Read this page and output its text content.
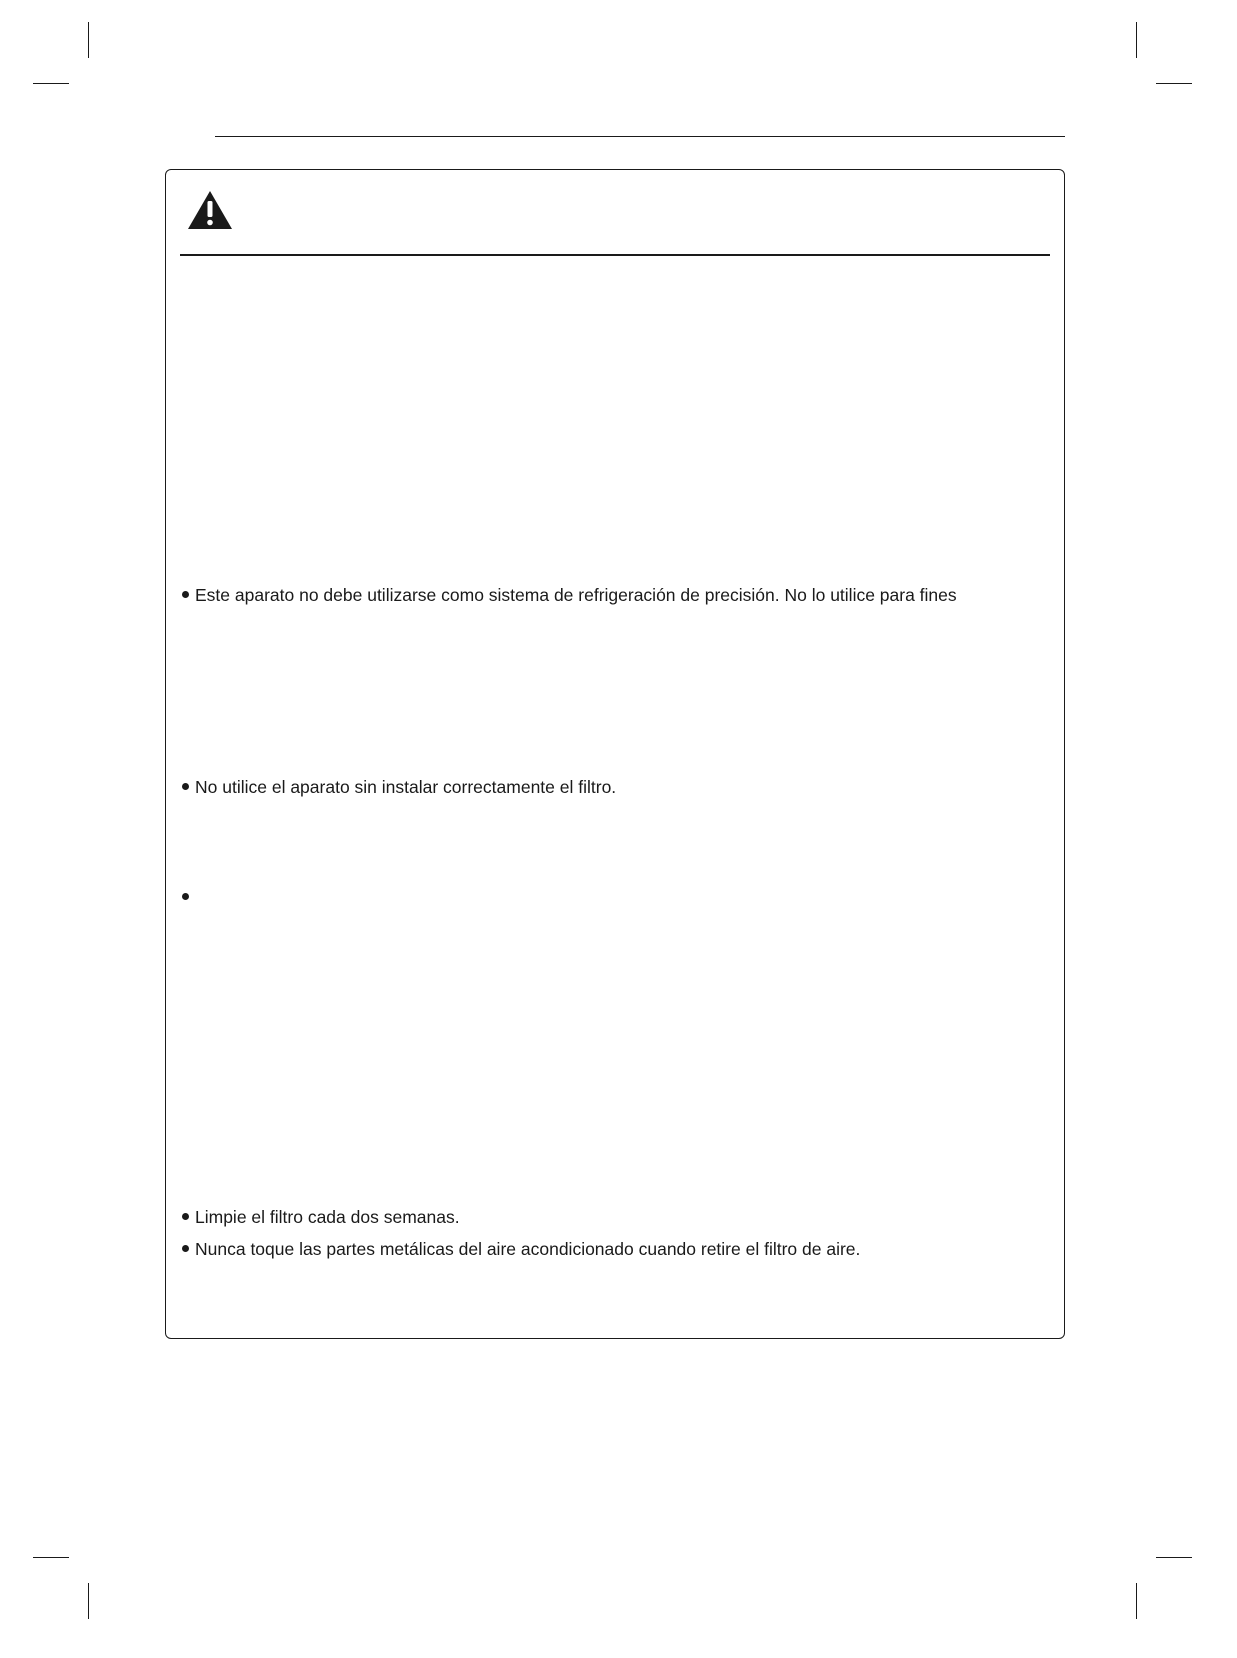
Este aparato no debe utilizarse como sistema de refrigeración de precisión. No lo utilice para fines
No utilice el aparato sin instalar correctamente el filtro.
Limpie el filtro cada dos semanas.
Nunca toque las partes metálicas del aire acondicionado cuando retire el filtro de aire.
